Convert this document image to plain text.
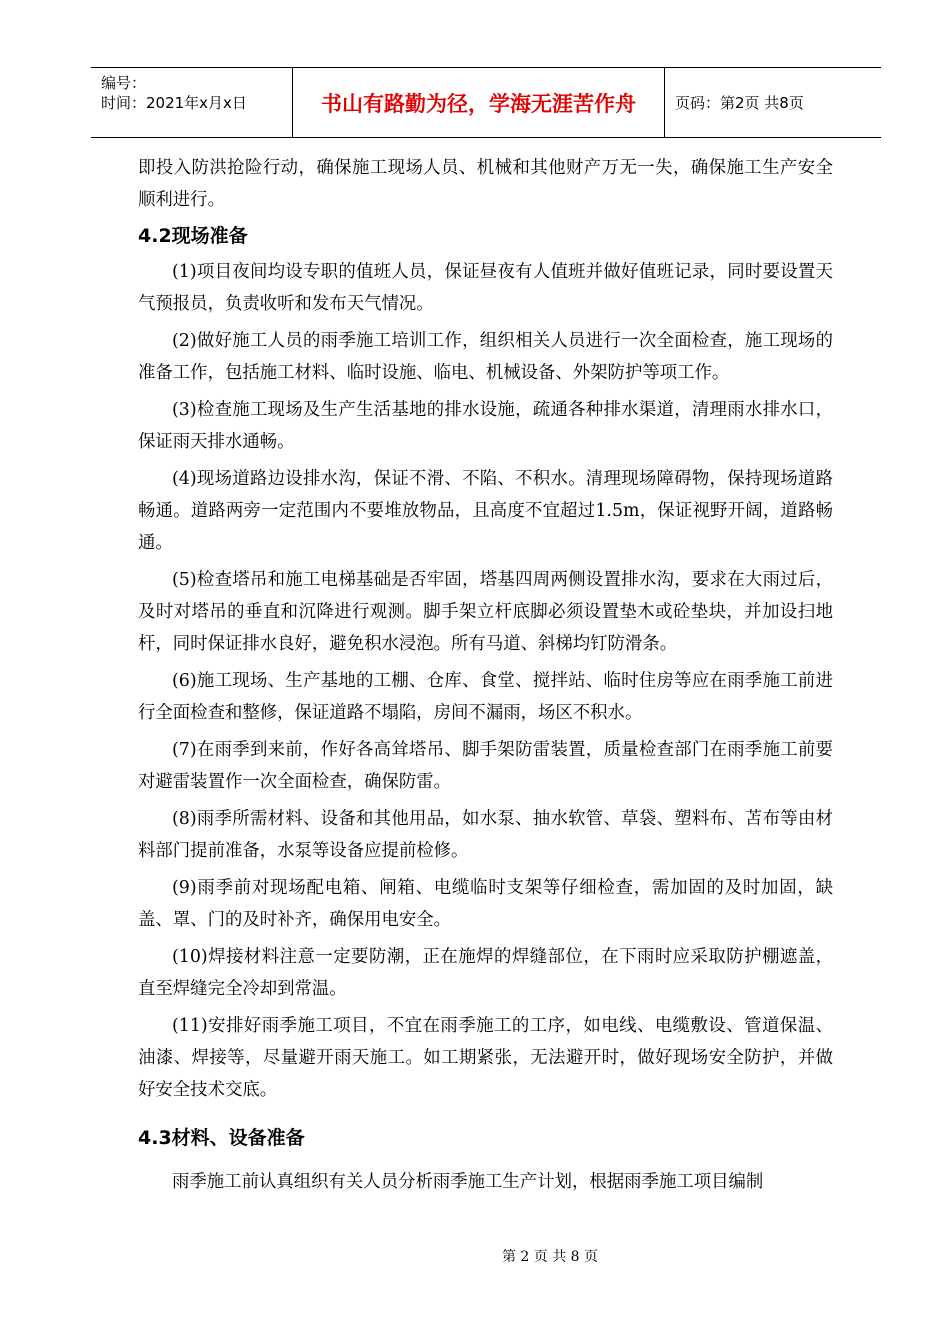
编号：
时间：2021年x月x日	书山有路勤为径，学海无涯苦作舟	页码：第2页 共8页

即投入防洪抢险行动，确保施工现场人员、机械和其他财产万无一失，确保施工生产安全顺利进行。

4.2现场准备

(1)项目夜间均设专职的值班人员，保证昼夜有人值班并做好值班记录，同时要设置天气预报员，负责收听和发布天气情况。

(2)做好施工人员的雨季施工培训工作，组织相关人员进行一次全面检查，施工现场的准备工作，包括施工材料、临时设施、临电、机械设备、外架防护等项工作。

(3)检查施工现场及生产生活基地的排水设施，疏通各种排水渠道，清理雨水排水口，保证雨天排水通畅。

(4)现场道路边设排水沟，保证不滑、不陷、不积水。清理现场障碍物，保持现场道路畅通。道路两旁一定范围内不要堆放物品，且高度不宜超过1.5m，保证视野开阔，道路畅通。

(5)检查塔吊和施工电梯基础是否牢固，塔基四周两侧设置排水沟，要求在大雨过后，及时对塔吊的垂直和沉降进行观测。脚手架立杆底脚必须设置垫木或砼垫块，并加设扫地杆，同时保证排水良好，避免积水浸泡。所有马道、斜梯均钉防滑条。

(6)施工现场、生产基地的工棚、仓库、食堂、搅拌站、临时住房等应在雨季施工前进行全面检查和整修，保证道路不塌陷，房间不漏雨，场区不积水。

(7)在雨季到来前，作好各高耸塔吊、脚手架防雷装置，质量检查部门在雨季施工前要对避雷装置作一次全面检查，确保防雷。

(8)雨季所需材料、设备和其他用品，如水泵、抽水软管、草袋、塑料布、苫布等由材料部门提前准备，水泵等设备应提前检修。

(9)雨季前对现场配电箱、闸箱、电缆临时支架等仔细检查，需加固的及时加固，缺盖、罩、门的及时补齐，确保用电安全。

(10)焊接材料注意一定要防潮，正在施焊的焊缝部位，在下雨时应采取防护棚遮盖，直至焊缝完全冷却到常温。

(11)安排好雨季施工项目，不宜在雨季施工的工序，如电线、电缆敷设、管道保温、油漆、焊接等，尽量避开雨天施工。如工期紧张，无法避开时，做好现场安全防护，并做好安全技术交底。

4.3材料、设备准备

雨季施工前认真组织有关人员分析雨季施工生产计划，根据雨季施工项目编制

第 2 页 共 8 页
